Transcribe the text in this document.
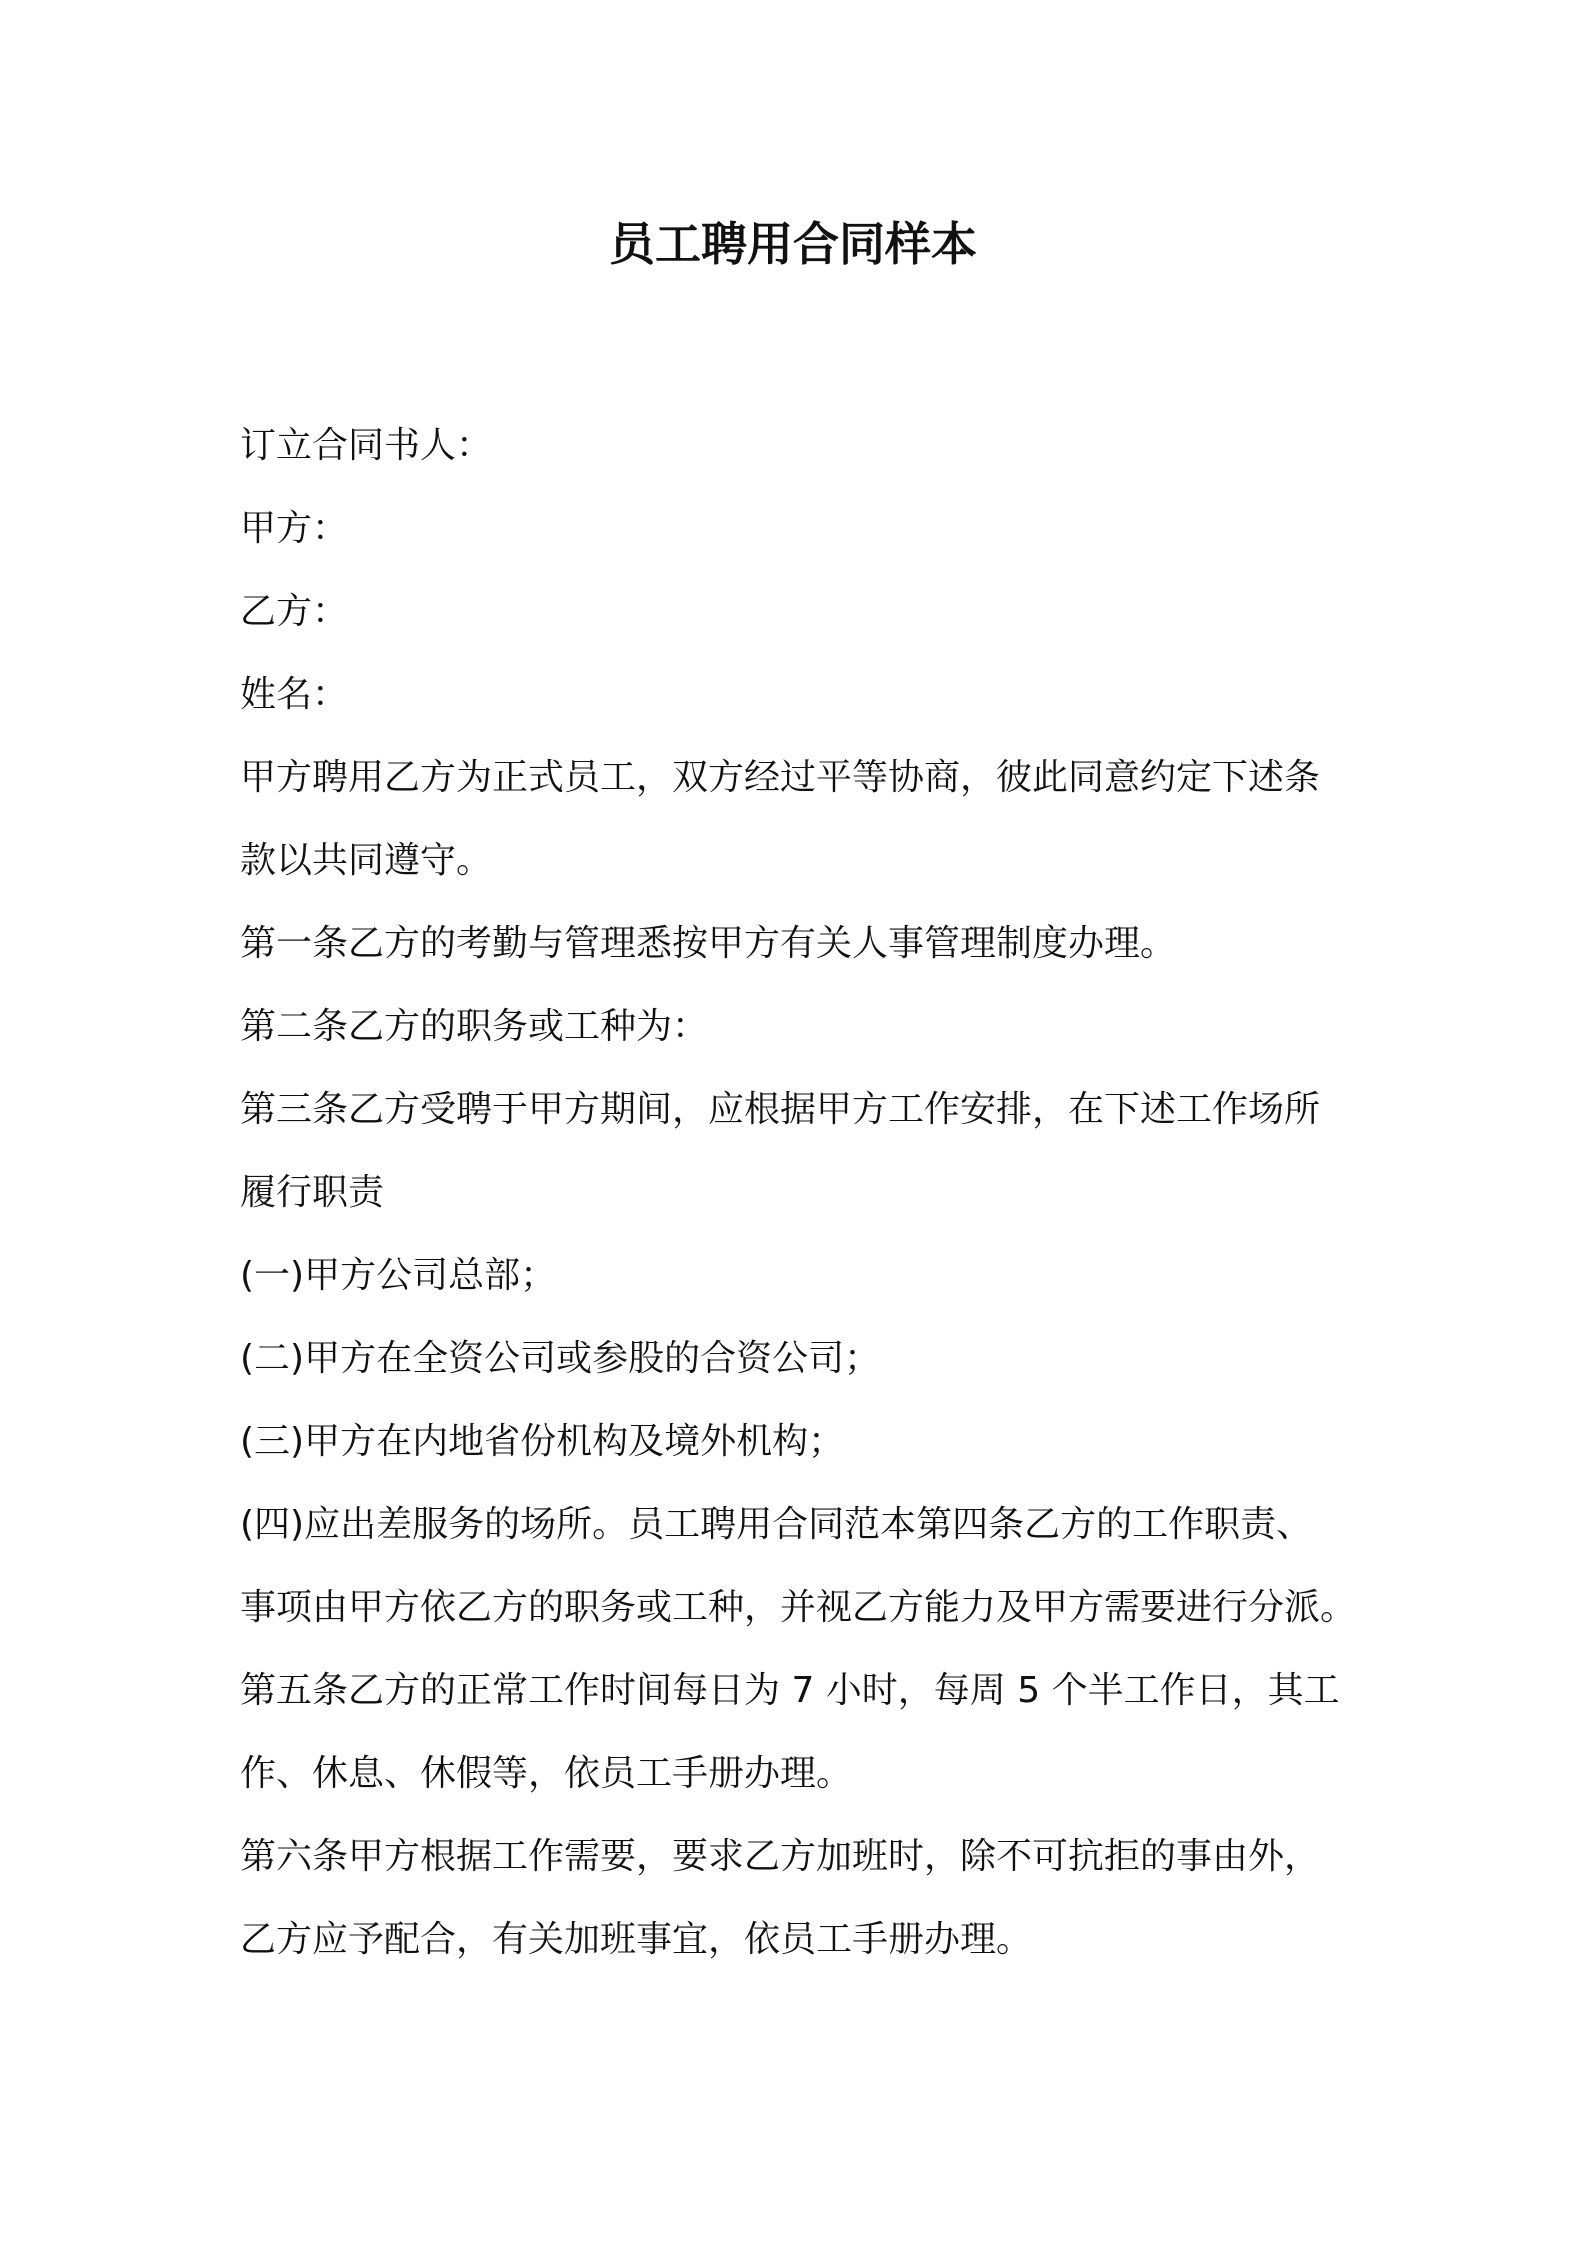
员工聘用合同样本

订立合同书人：

甲方：

乙方：

姓名：

甲方聘用乙方为正式员工，双方经过平等协商，彼此同意约定下述条

款以共同遵守。

第一条乙方的考勤与管理悉按甲方有关人事管理制度办理。

第二条乙方的职务或工种为：

第三条乙方受聘于甲方期间，应根据甲方工作安排，在下述工作场所

履行职责

(一)甲方公司总部；

(二)甲方在全资公司或参股的合资公司；

(三)甲方在内地省份机构及境外机构；

(四)应出差服务的场所。员工聘用合同范本第四条乙方的工作职责、

事项由甲方依乙方的职务或工种，并视乙方能力及甲方需要进行分派。

第五条乙方的正常工作时间每日为 7 小时，每周 5 个半工作日，其工

作、休息、休假等，依员工手册办理。

第六条甲方根据工作需要，要求乙方加班时，除不可抗拒的事由外，

乙方应予配合，有关加班事宜，依员工手册办理。
